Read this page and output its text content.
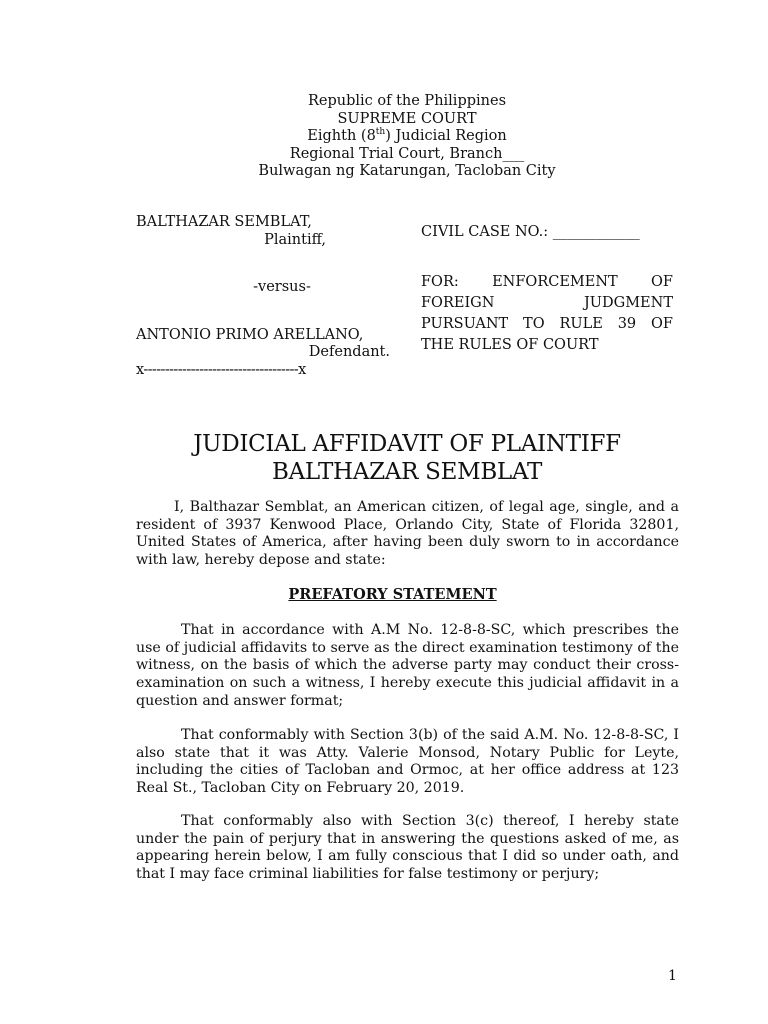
Republic of the Philippines
SUPREME COURT
Eighth (8th) Judicial Region
Regional Trial Court, Branch___
Bulwagan ng Katarungan, Tacloban City
BALTHAZAR SEMBLAT,
Plaintiff,
-versus-
ANTONIO PRIMO ARELLANO,
Defendant.
x------------------------------------x
CIVIL CASE NO.: ____________
FOR: ENFORCEMENT OF
FOREIGN	JUDGMENT
PURSUANT TO RULE 39 OF
THE RULES OF COURT
JUDICIAL AFFIDAVIT OF PLAINTIFF
BALTHAZAR SEMBLAT
I, Balthazar Semblat, an American citizen, of legal age, single, and a resident of 3937 Kenwood Place, Orlando City, State of Florida 32801, United States of America, after having been duly sworn to in accordance with law, hereby depose and state:
PREFATORY STATEMENT
That in accordance with A.M No. 12-8-8-SC, which prescribes the use of judicial affidavits to serve as the direct examination testimony of the witness, on the basis of which the adverse party may conduct their cross-examination on such a witness, I hereby execute this judicial affidavit in a question and answer format;
That conformably with Section 3(b) of the said A.M. No. 12-8-8-SC, I also state that it was Atty. Valerie Monsod, Notary Public for Leyte, including the cities of Tacloban and Ormoc, at her office address at 123 Real St., Tacloban City on February 20, 2019.
That conformably also with Section 3(c) thereof, I hereby state under the pain of perjury that in answering the questions asked of me, as appearing herein below, I am fully conscious that I did so under oath, and that I may face criminal liabilities for false testimony or perjury;
1
